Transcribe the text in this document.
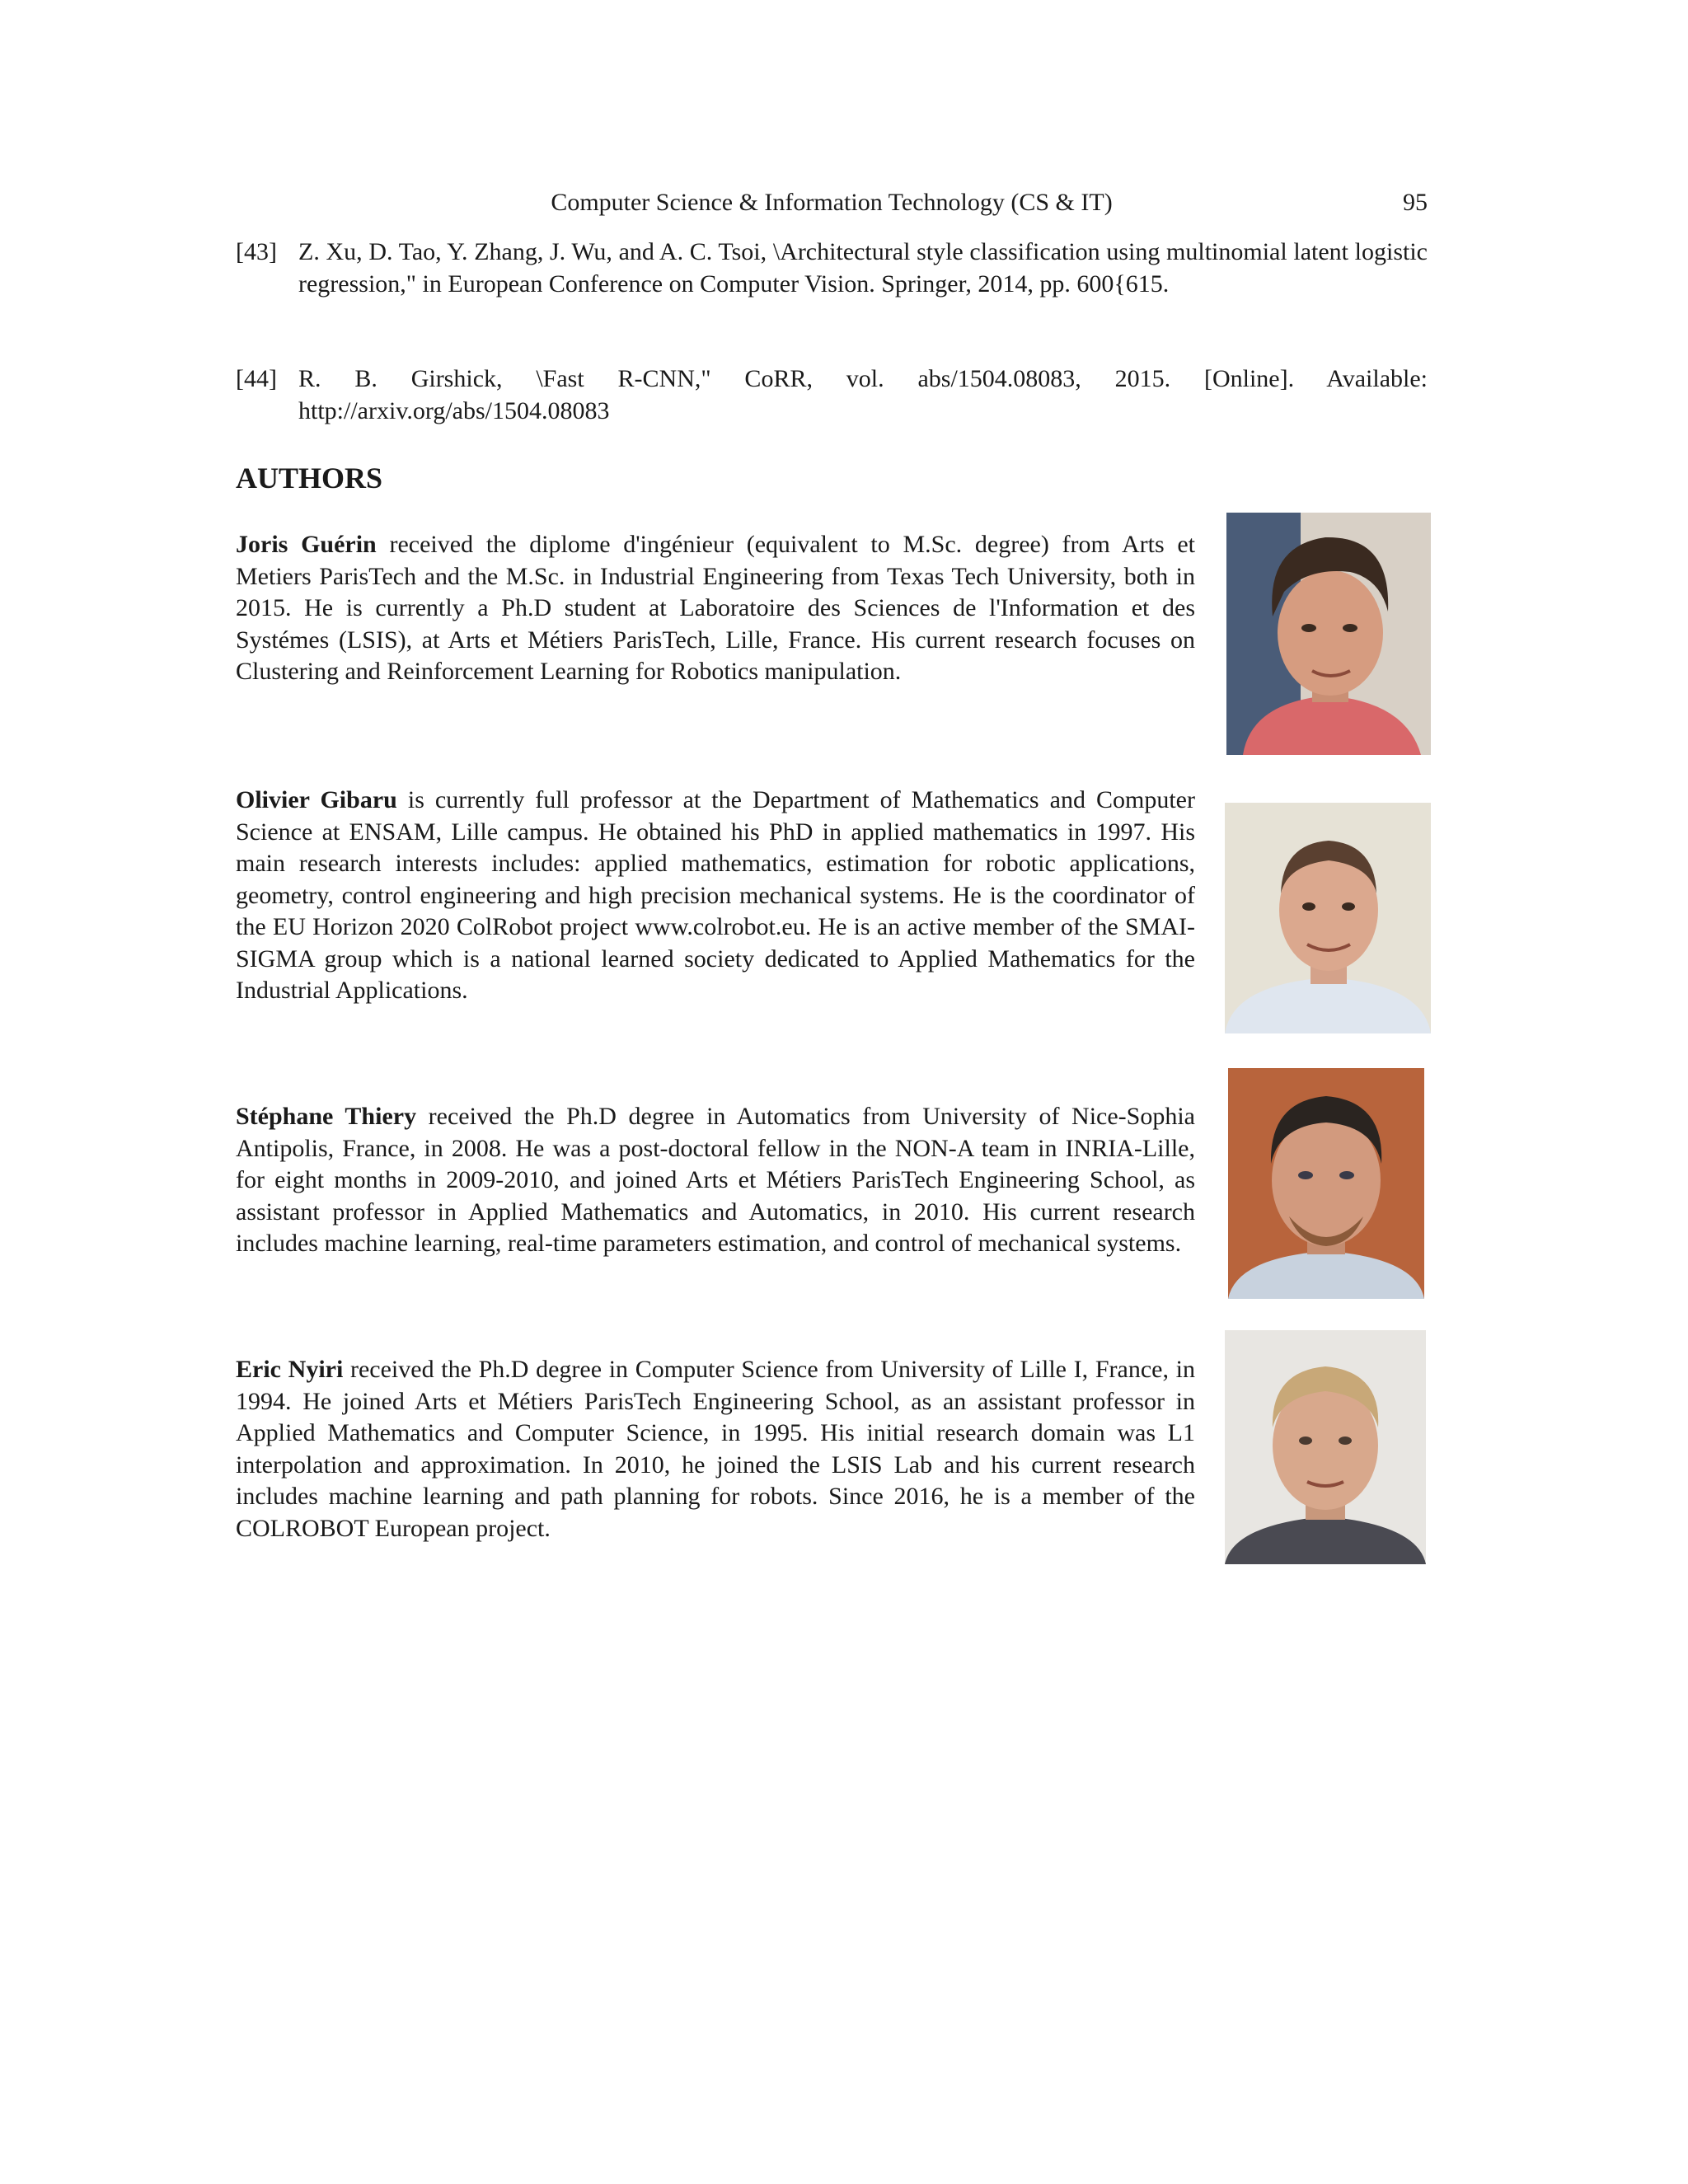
Computer Science & Information Technology (CS & IT)	95
[43] Z. Xu, D. Tao, Y. Zhang, J. Wu, and A. C. Tsoi, \Architectural style classification using multinomial latent logistic regression," in European Conference on Computer Vision. Springer, 2014, pp. 600{615.
[44] R. B. Girshick, \Fast R-CNN," CoRR, vol. abs/1504.08083, 2015. [Online]. Available: http://arxiv.org/abs/1504.08083
AUTHORS

Joris Guérin received the diplome d'ingénieur (equivalent to M.Sc. degree) from Arts et Metiers ParisTech and the M.Sc. in Industrial Engineering from Texas Tech University, both in 2015. He is currently a Ph.D student at Laboratoire des Sciences de l'Information et des Systémes (LSIS), at Arts et Métiers ParisTech, Lille, France. His current research focuses on Clustering and Reinforcement Learning for Robotics manipulation.

Olivier Gibaru is currently full professor at the Department of Mathematics and Computer Science at ENSAM, Lille campus. He obtained his PhD in applied mathematics in 1997. His main research interests includes: applied mathematics, estimation for robotic applications, geometry, control engineering and high precision mechanical systems. He is the coordinator of the EU Horizon 2020 ColRobot project www.colrobot.eu. He is an active member of the SMAI-SIGMA group which is a national learned society dedicated to Applied Mathematics for the Industrial Applications.

Stéphane Thiery received the Ph.D degree in Automatics from University of Nice-Sophia Antipolis, France, in 2008. He was a post-doctoral fellow in the NON-A team in INRIA-Lille, for eight months in 2009-2010, and joined Arts et Métiers ParisTech Engineering School, as assistant professor in Applied Mathematics and Automatics, in 2010. His current research includes machine learning, real-time parameters estimation, and control of mechanical systems.

Eric Nyiri received the Ph.D degree in Computer Science from University of Lille I, France, in 1994. He joined Arts et Métiers ParisTech Engineering School, as an assistant professor in Applied Mathematics and Computer Science, in 1995. His initial research domain was L1 interpolation and approximation. In 2010, he joined the LSIS Lab and his current research includes machine learning and path planning for robots. Since 2016, he is a member of the COLROBOT European project.
